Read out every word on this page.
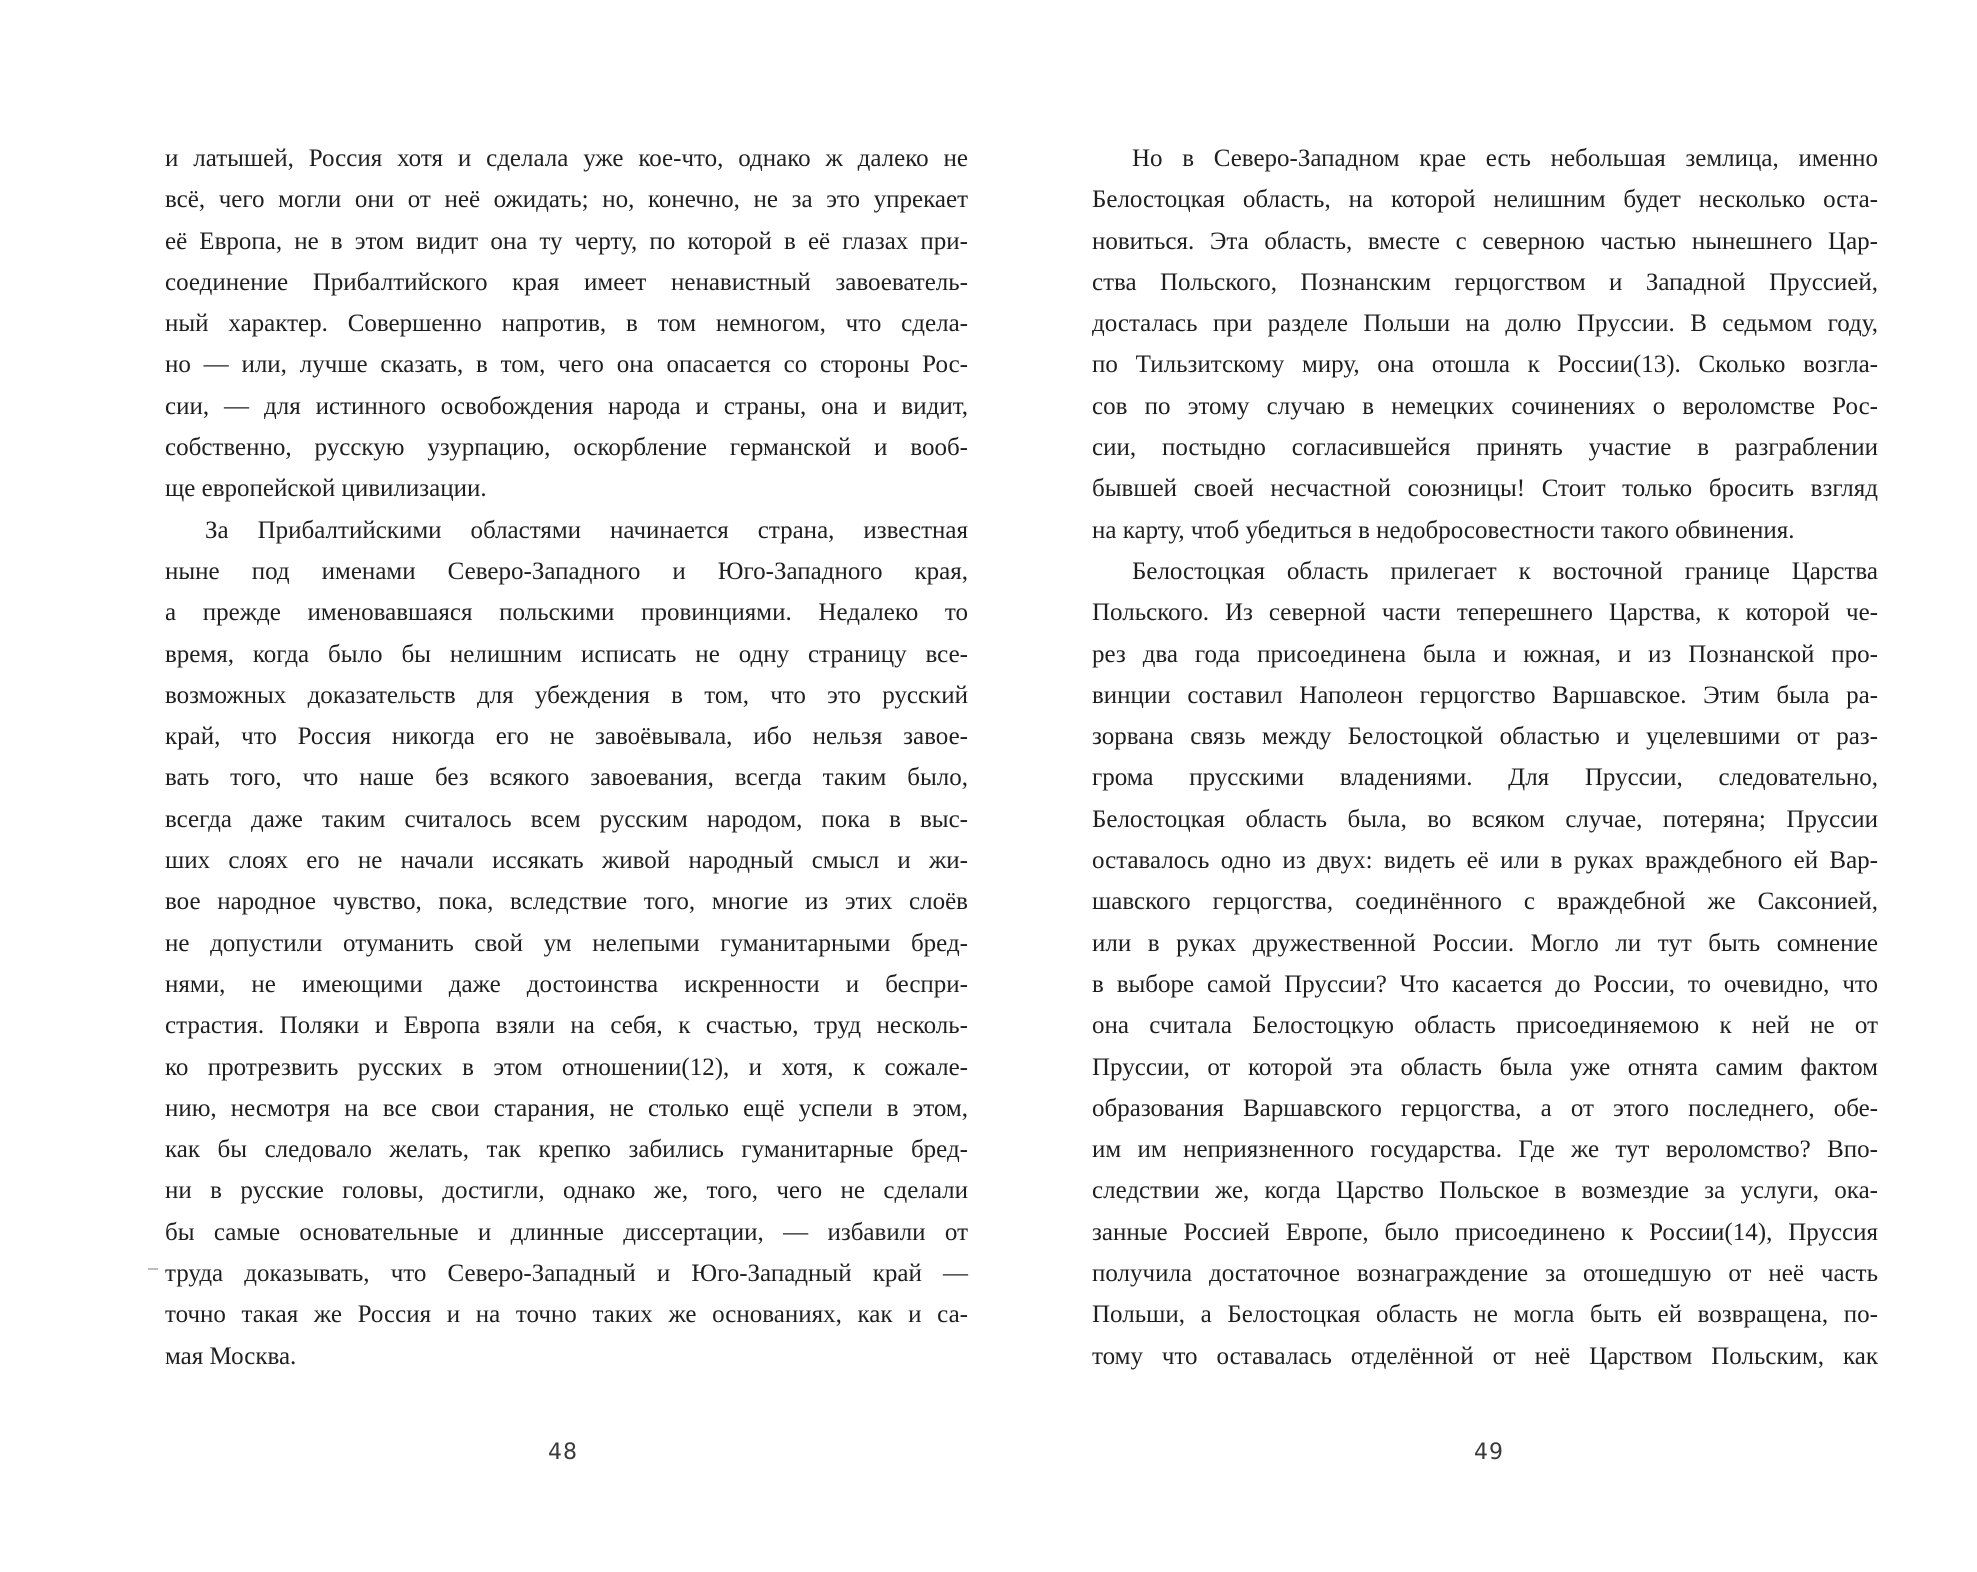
и латышей, Россия хотя и сделала уже кое-что, однако ж далеко не
всё, чего могли они от неё ожидать; но, конечно, не за это упрекает
её Европа, не в этом видит она ту черту, по которой в её глазах при-
соединение Прибалтийского края имеет ненавистный завоеватель-
ный характер. Совершенно напротив, в том немногом, что сдела-
но — или, лучше сказать, в том, чего она опасается со стороны Рос-
сии, — для истинного освобождения народа и страны, она и видит,
собственно, русскую узурпацию, оскорбление германской и вооб-
ще европейской цивилизации.
За Прибалтийскими областями начинается страна, известная
ныне под именами Северо-Западного и Юго-Западного края,
а прежде именовавшаяся польскими провинциями. Недалеко то
время, когда было бы нелишним исписать не одну страницу все-
возможных доказательств для убеждения в том, что это русский
край, что Россия никогда его не завоёвывала, ибо нельзя завое-
вать того, что наше без всякого завоевания, всегда таким было,
всегда даже таким считалось всем русским народом, пока в выс-
ших слоях его не начали иссякать живой народный смысл и жи-
вое народное чувство, пока, вследствие того, многие из этих слоёв
не допустили отуманить свой ум нелепыми гуманитарными бред-
нями, не имеющими даже достоинства искренности и беспри-
страстия. Поляки и Европа взяли на себя, к счастью, труд несколь-
ко протрезвить русских в этом отношении(12), и хотя, к сожале-
нию, несмотря на все свои старания, не столько ещё успели в этом,
как бы следовало желать, так крепко забились гуманитарные бред-
ни в русские головы, достигли, однако же, того, чего не сделали
бы самые основательные и длинные диссертации, — избавили от
труда доказывать, что Северо-Западный и Юго-Западный край —
точно такая же Россия и на точно таких же основаниях, как и са-
мая Москва.
48
Но в Северо-Западном крае есть небольшая землица, именно
Белостоцкая область, на которой нелишним будет несколько оста-
новиться. Эта область, вместе с северною частью нынешнего Цар-
ства Польского, Познанским герцогством и Западной Пруссией,
досталась при разделе Польши на долю Пруссии. В седьмом году,
по Тильзитскому миру, она отошла к России(13). Сколько возгла-
сов по этому случаю в немецких сочинениях о вероломстве Рос-
сии, постыдно согласившейся принять участие в разграблении
бывшей своей несчастной союзницы! Стоит только бросить взгляд
на карту, чтоб убедиться в недобросовестности такого обвинения.
Белостоцкая область прилегает к восточной границе Царства
Польского. Из северной части теперешнего Царства, к которой че-
рез два года присоединена была и южная, и из Познанской про-
винции составил Наполеон герцогство Варшавское. Этим была ра-
зорвана связь между Белостоцкой областью и уцелевшими от раз-
грома прусскими владениями. Для Пруссии, следовательно,
Белостоцкая область была, во всяком случае, потеряна; Пруссии
оставалось одно из двух: видеть её или в руках враждебного ей Вар-
шавского герцогства, соединённого с враждебной же Саксонией,
или в руках дружественной России. Могло ли тут быть сомнение
в выборе самой Пруссии? Что касается до России, то очевидно, что
она считала Белостоцкую область присоединяемою к ней не от
Пруссии, от которой эта область была уже отнята самим фактом
образования Варшавского герцогства, а от этого последнего, обе-
им им неприязненного государства. Где же тут вероломство? Впо-
следствии же, когда Царство Польское в возмездие за услуги, ока-
занные Россией Европе, было присоединено к России(14), Пруссия
получила достаточное вознаграждение за отошедшую от неё часть
Польши, а Белостоцкая область не могла быть ей возвращена, по-
тому что оставалась отделённой от неё Царством Польским, как
49
